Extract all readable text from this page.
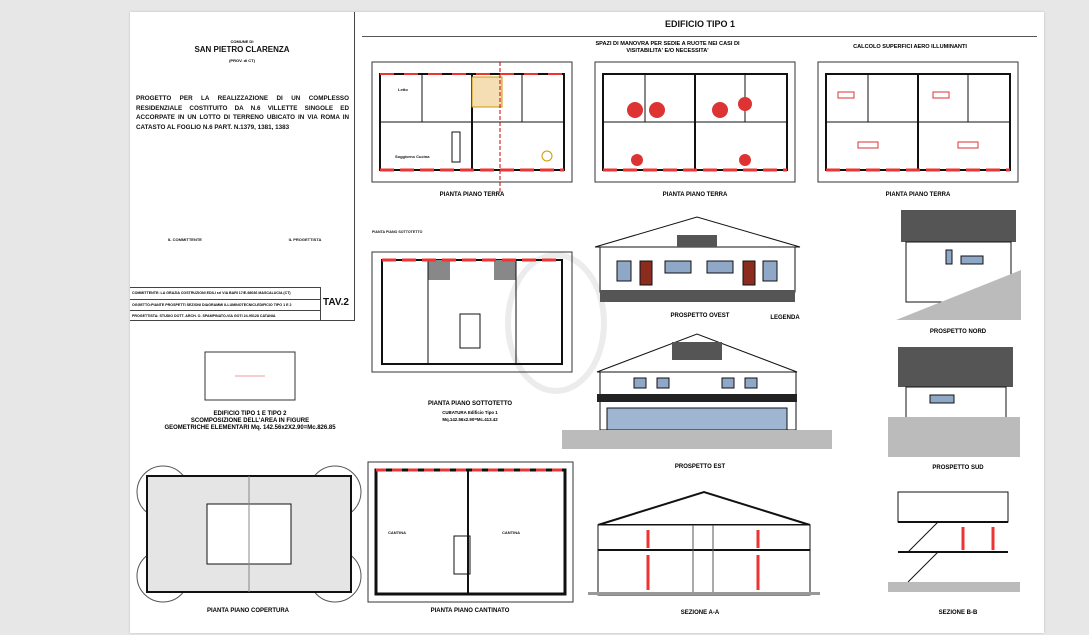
COMUNE DI
SAN PIETRO CLARENZA
(PROV. di CT)
PROGETTO PER LA REALIZZAZIONE DI UN COMPLESSO RESIDENZIALE COSTITUITO DA N.6 VILLETTE SINGOLE ED ACCORPATE IN UN LOTTO DI TERRENO UBICATO IN VIA ROMA IN CATASTO AL FOGLIO N.6 PART. N.1379, 1381, 1383
IL COMMITTENTE	IL PROGETTISTA
COMMITTENTE: LA GRAZIA COSTRUZIONI EDILI srl VIA BARI 17/E-98036 MASCALUCIA (CT)
OGGETTO:PIANTE PROSPETTI SEZIONI DIAGRAMMI ILLUMINOTECNICI-EDIFICIO TIPO 1 E 2
PROGETTISTA: STUDIO DOTT. ARCH. O. SPAMPINATO-VIA GOTI 24-95128 CATANIA
TAV.2
EDIFICIO TIPO 1
SPAZI DI MANOVRA PER SEDIE A RUOTE NEI CASI DI VISITABILITA' E/O NECESSITA'
CALCOLO SUPERFICI AERO ILLUMINANTI
Soggiorno Cucina
Letto
PIANTA PIANO TERRA	PIANTA PIANO TERRA	PIANTA PIANO TERRA
PIANTA PIANO SOTTOTETTO
PIANTA PIANO SOTTOTETTO
CUBATURA Edificio Tipo 1
Mq.142.56x2.90=Mc.413.42
PROSPETTO OVEST	LEGENDA
PROSPETTO EST
PROSPETTO NORD
PROSPETTO SUD
EDIFICIO TIPO 1 E TIPO 2
SCOMPOSIZIONE DELL'AREA IN FIGURE
GEOMETRICHE ELEMENTARI Mq. 142.56x2X2.90=Mc.826.85
PIANTA PIANO COPERTURA
CANTINA	CANTINA
PIANTA PIANO CANTINATO	SEZIONE A-A	SEZIONE B-B
